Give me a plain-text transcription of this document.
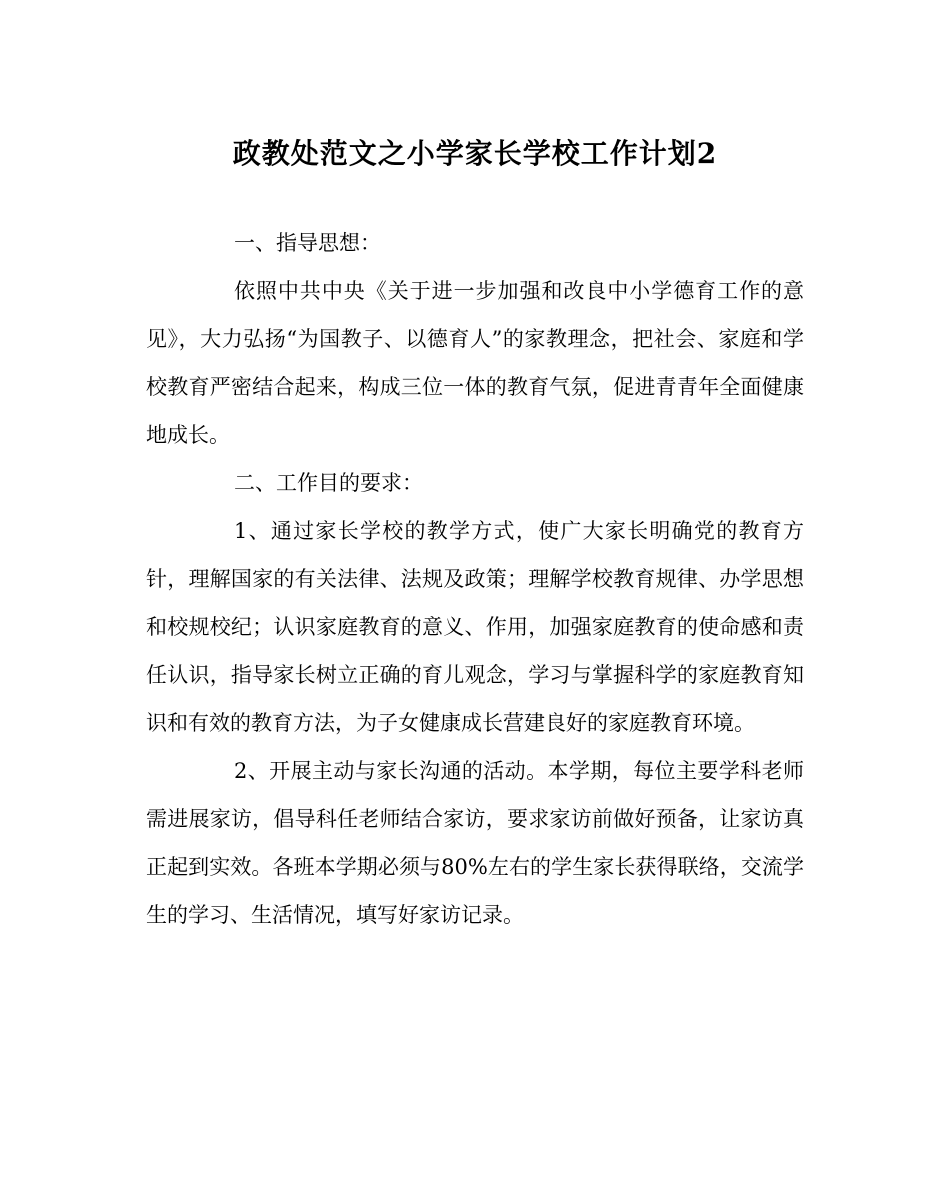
政教处范文之小学家长学校工作计划2

一、指导思想：

依照中共中央《关于进一步加强和改良中小学德育工作的意见》，大力弘扬“为国教子、以德育人”的家教理念，把社会、家庭和学校教育严密结合起来，构成三位一体的教育气氛，促进青青年全面健康地成长。

二、工作目的要求：

1、通过家长学校的教学方式，使广大家长明确党的教育方针，理解国家的有关法律、法规及政策；理解学校教育规律、办学思想和校规校纪；认识家庭教育的意义、作用，加强家庭教育的使命感和责任认识，指导家长树立正确的育儿观念，学习与掌握科学的家庭教育知识和有效的教育方法，为子女健康成长营建良好的家庭教育环境。

2、开展主动与家长沟通的活动。本学期，每位主要学科老师需进展家访，倡导科任老师结合家访，要求家访前做好预备，让家访真正起到实效。各班本学期必须与80%左右的学生家长获得联络，交流学生的学习、生活情况，填写好家访记录。
